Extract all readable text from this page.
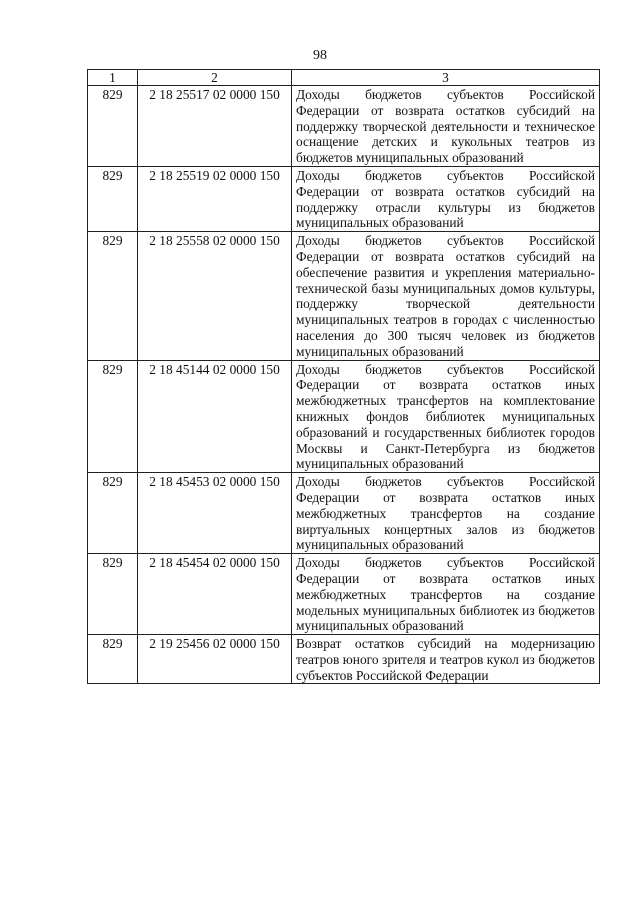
98
1	2	3
829	2 18 25517 02 0000 150	Доходы бюджетов субъектов Российской Федерации от возврата остатков субсидий на поддержку творческой деятельности и техническое оснащение детских и кукольных театров из бюджетов муниципальных образований
829	2 18 25519 02 0000 150	Доходы бюджетов субъектов Российской Федерации от возврата остатков субсидий на поддержку отрасли культуры из бюджетов муниципальных образований
829	2 18 25558 02 0000 150	Доходы бюджетов субъектов Российской Федерации от возврата остатков субсидий на обеспечение развития и укрепления материально-технической базы муниципальных домов культуры, поддержку творческой деятельности муниципальных театров в городах с численностью населения до 300 тысяч человек из бюджетов муниципальных образований
829	2 18 45144 02 0000 150	Доходы бюджетов субъектов Российской Федерации от возврата остатков иных межбюджетных трансфертов на комплектование книжных фондов библиотек муниципальных образований и государственных библиотек городов Москвы и Санкт-Петербурга из бюджетов муниципальных образований
829	2 18 45453 02 0000 150	Доходы бюджетов субъектов Российской Федерации от возврата остатков иных межбюджетных трансфертов на создание виртуальных концертных залов из бюджетов муниципальных образований
829	2 18 45454 02 0000 150	Доходы бюджетов субъектов Российской Федерации от возврата остатков иных межбюджетных трансфертов на создание модельных муниципальных библиотек из бюджетов муниципальных образований
829	2 19 25456 02 0000 150	Возврат остатков субсидий на модернизацию театров юного зрителя и театров кукол из бюджетов субъектов Российской Федерации
